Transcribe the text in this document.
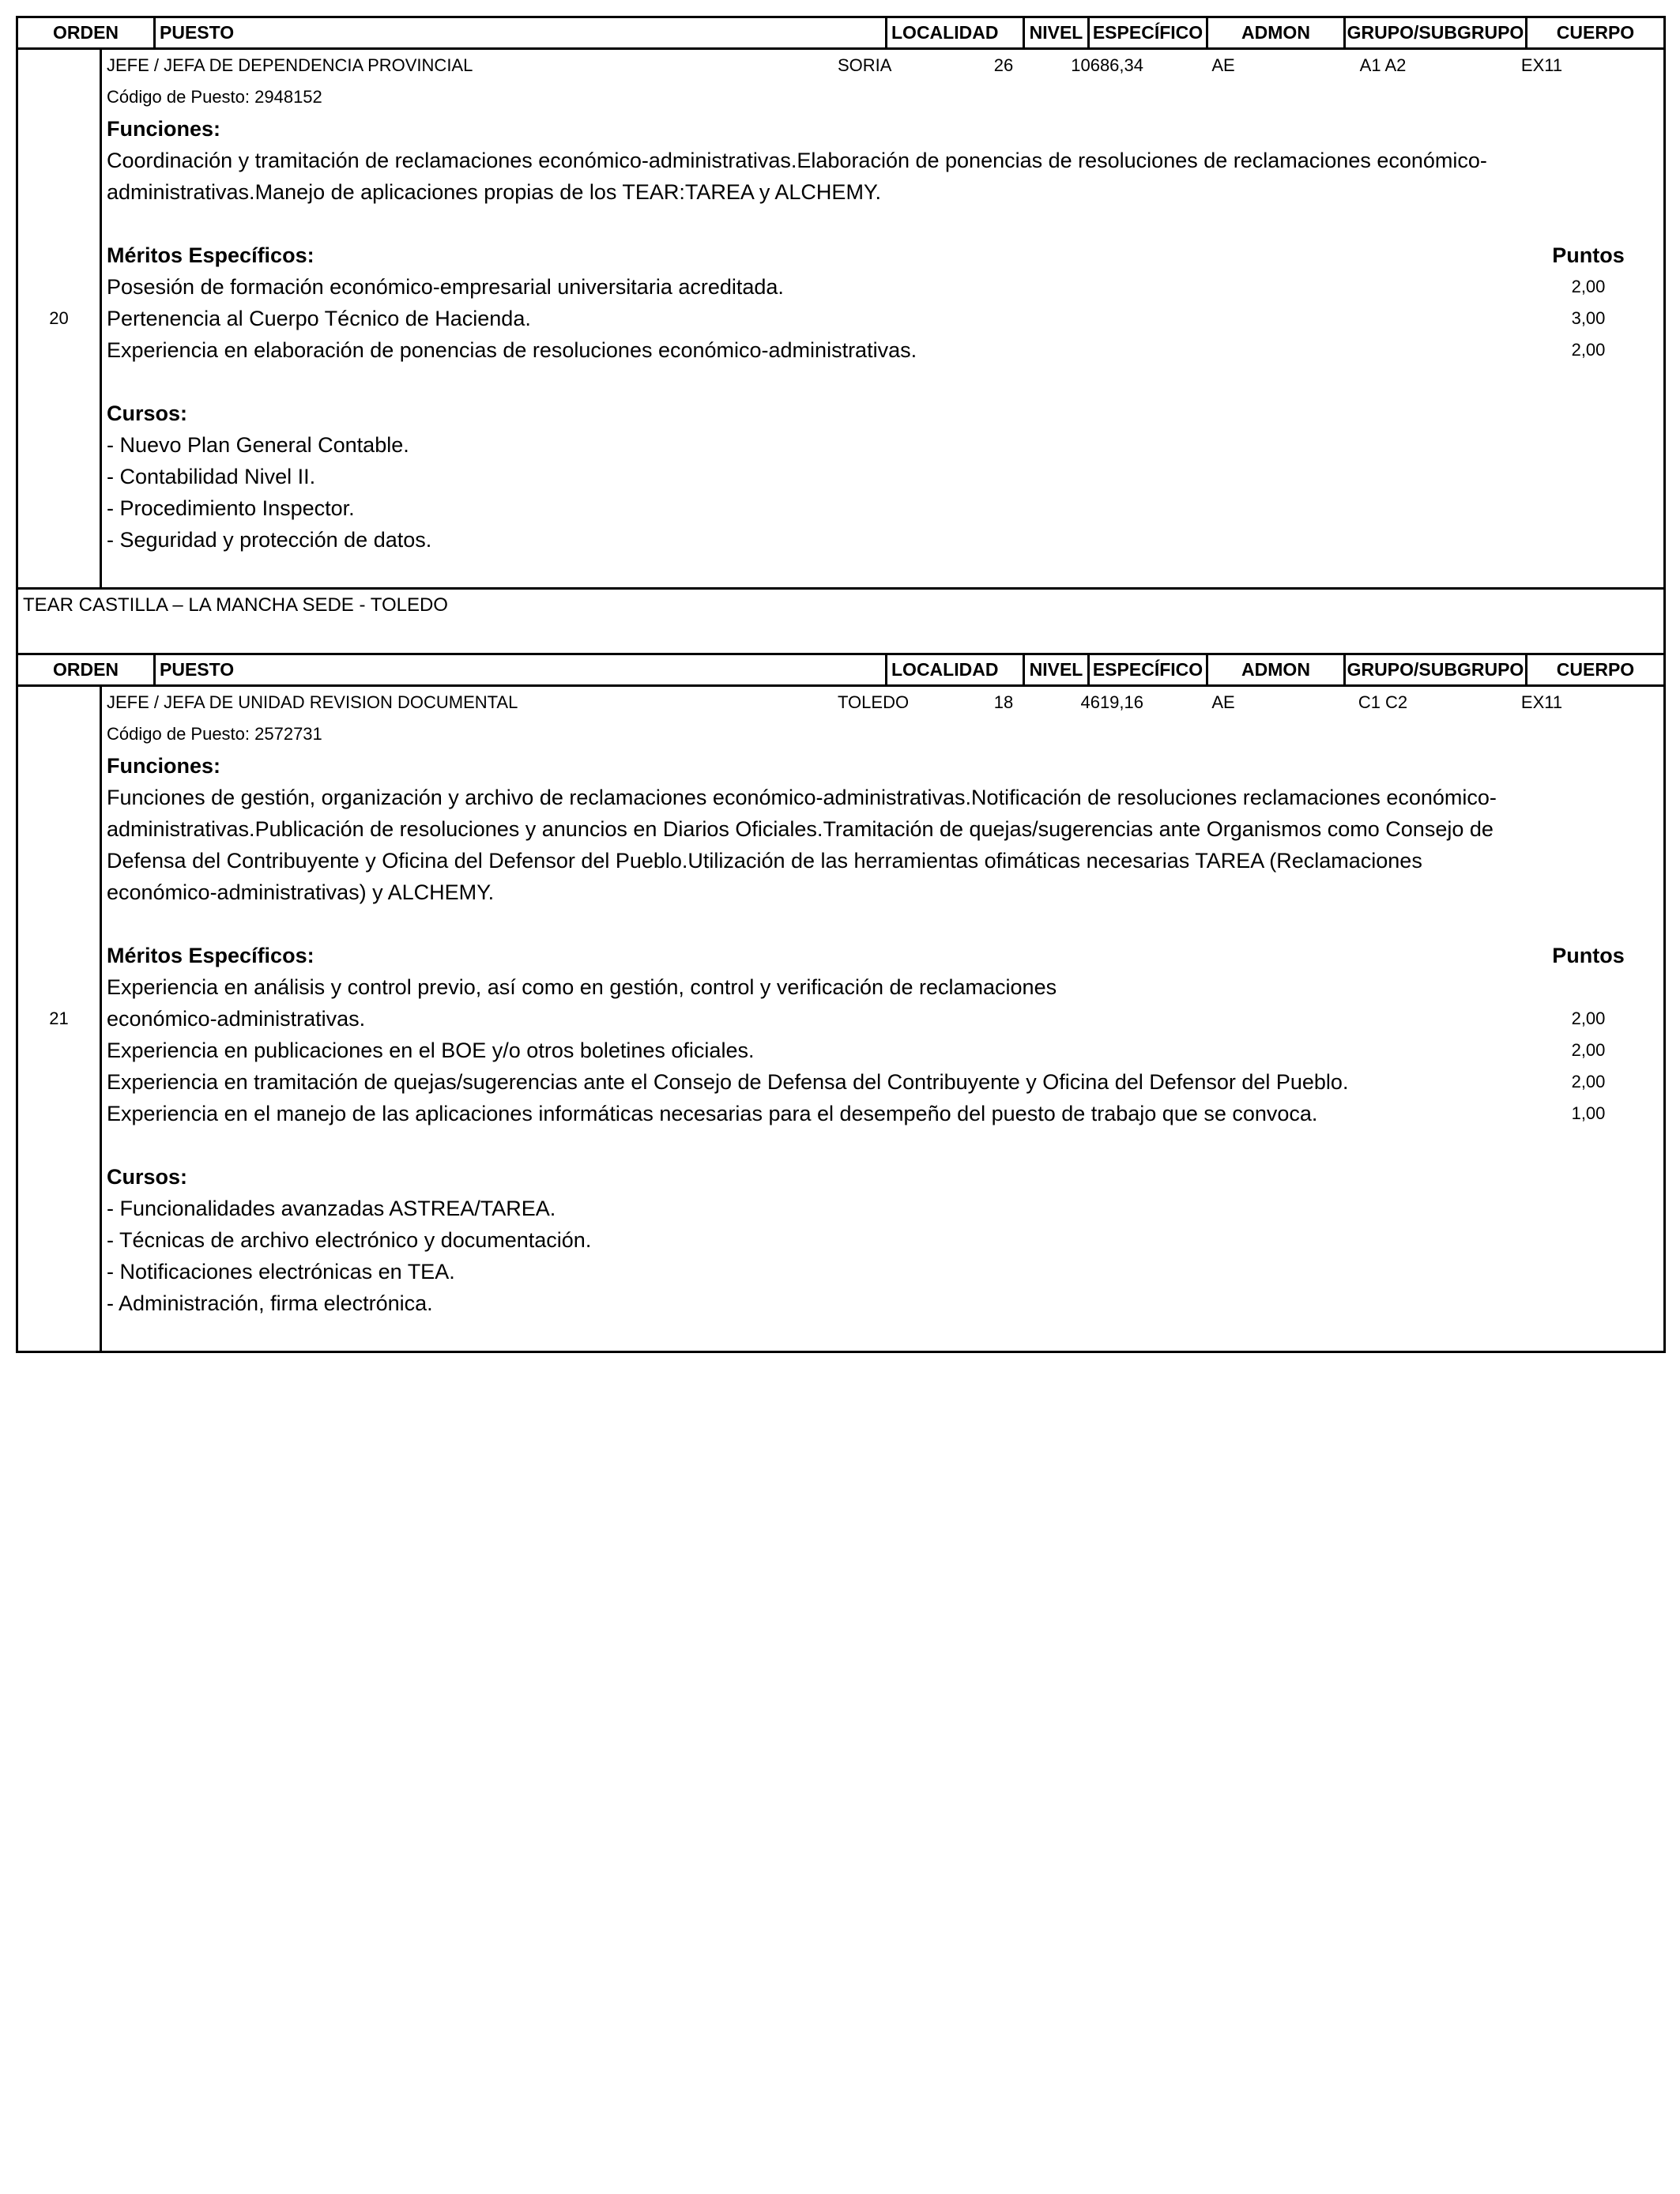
ORDEN	PUESTO	LOCALIDAD	NIVEL ESPECÍFICO	ADMON	GRUPO/SUBGRUPO	CUERPO
20
JEFE / JEFA DE DEPENDENCIA PROVINCIAL	SORIA	26	10686,34	AE	A1 A2	EX11
Código de Puesto: 2948152
Funciones:
Coordinación y tramitación de reclamaciones económico-administrativas.Elaboración de ponencias de resoluciones de reclamaciones económico-administrativas.Manejo de aplicaciones propias de los TEAR:TAREA y ALCHEMY.
Méritos Específicos:	Puntos
Posesión de formación económico-empresarial universitaria acreditada.	2,00
Pertenencia al Cuerpo Técnico de Hacienda.	3,00
Experiencia en elaboración de ponencias de resoluciones económico-administrativas.	2,00
Cursos:
- Nuevo Plan General Contable.
- Contabilidad Nivel II.
- Procedimiento Inspector.
- Seguridad y protección de datos.
TEAR CASTILLA – LA MANCHA SEDE - TOLEDO
ORDEN	PUESTO	LOCALIDAD	NIVEL ESPECÍFICO	ADMON	GRUPO/SUBGRUPO	CUERPO
21
JEFE / JEFA DE UNIDAD REVISION DOCUMENTAL	TOLEDO	18	4619,16	AE	C1 C2	EX11
Código de Puesto: 2572731
Funciones:
Funciones de gestión, organización y archivo de reclamaciones económico-administrativas.Notificación de resoluciones reclamaciones económico-administrativas.Publicación de resoluciones y anuncios en Diarios Oficiales.Tramitación de quejas/sugerencias ante Organismos como Consejo de Defensa del Contribuyente y Oficina del Defensor del Pueblo.Utilización de las herramientas ofimáticas necesarias TAREA (Reclamaciones económico-administrativas) y ALCHEMY.
Méritos Específicos:	Puntos
Experiencia en análisis y control previo, así como en gestión, control y verificación de reclamaciones económico-administrativas.	2,00
Experiencia en publicaciones en el BOE y/o otros boletines oficiales.	2,00
Experiencia en tramitación de quejas/sugerencias ante el Consejo de Defensa del Contribuyente y Oficina del Defensor del Pueblo.	2,00
Experiencia en el manejo de las aplicaciones informáticas necesarias para el desempeño del puesto de trabajo que se convoca.	1,00
Cursos:
- Funcionalidades avanzadas ASTREA/TAREA.
- Técnicas de archivo electrónico y documentación.
- Notificaciones electrónicas en TEA.
- Administración, firma electrónica.
